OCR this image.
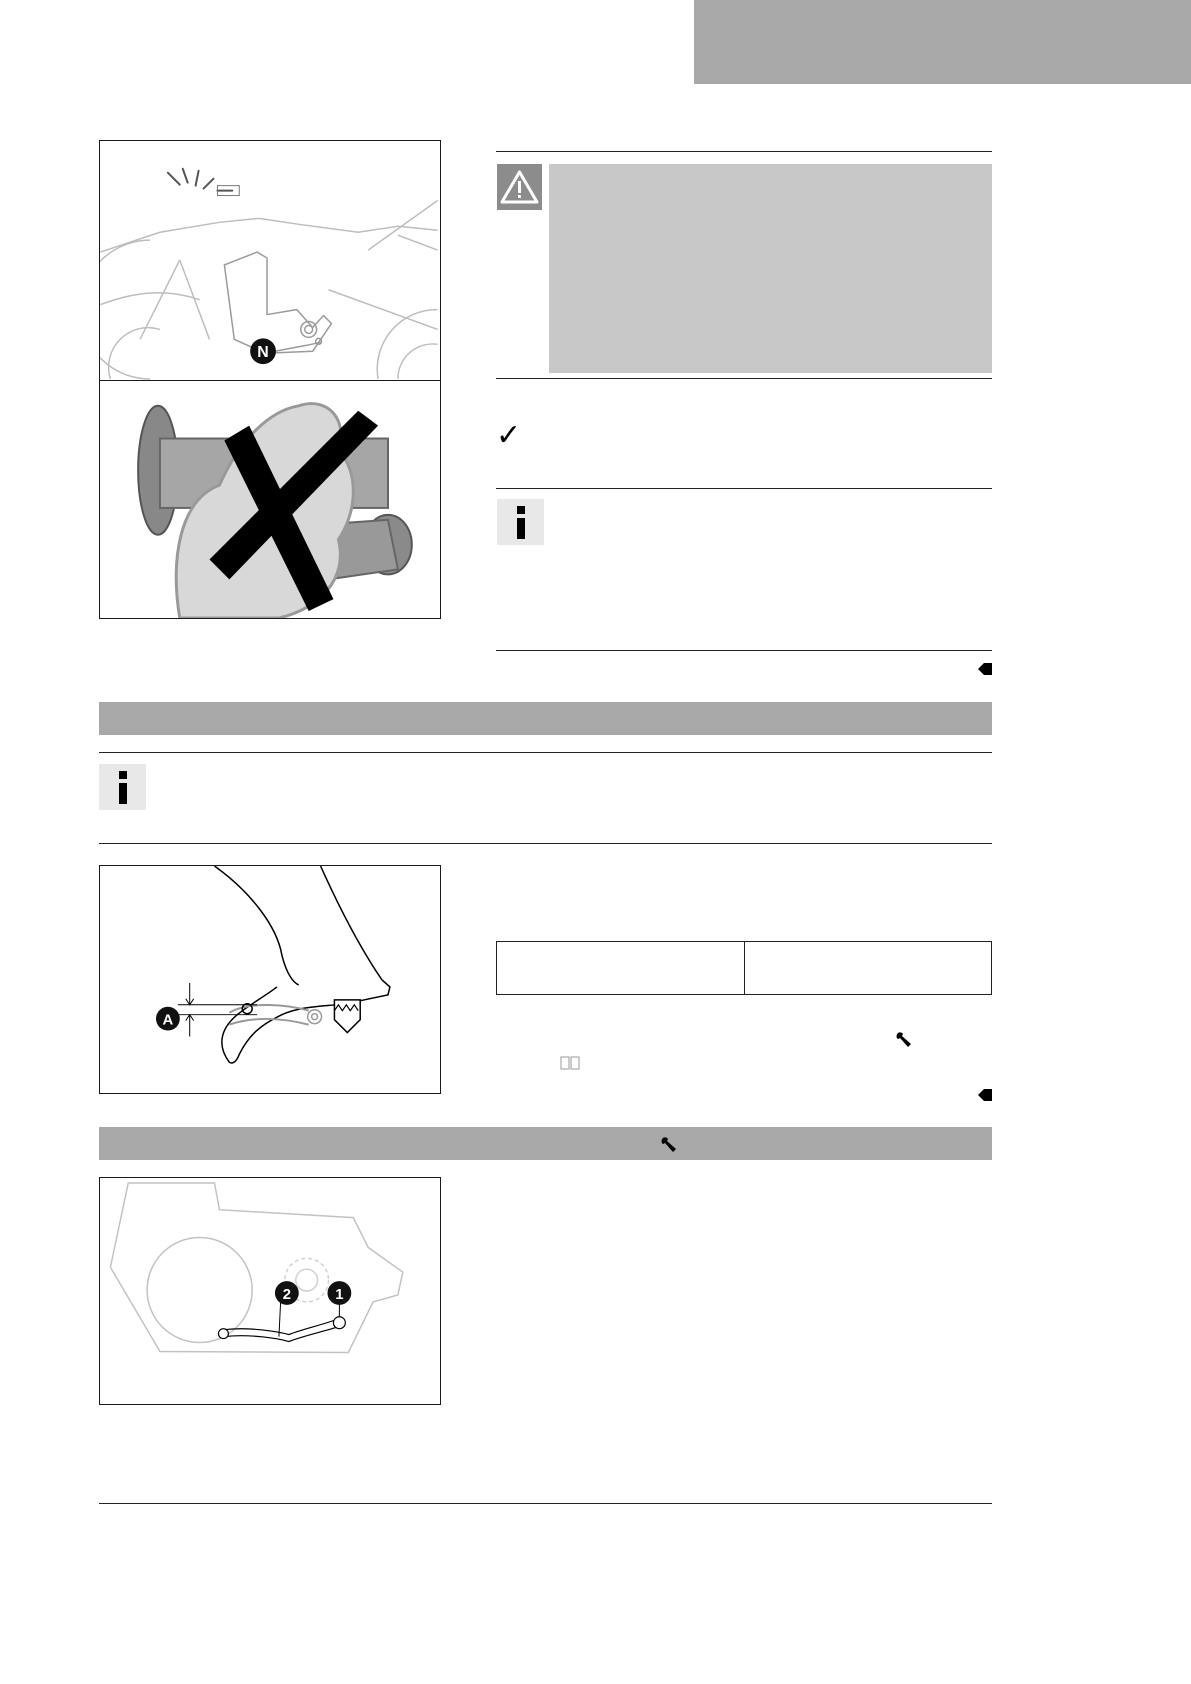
N
✓
A
2	1
